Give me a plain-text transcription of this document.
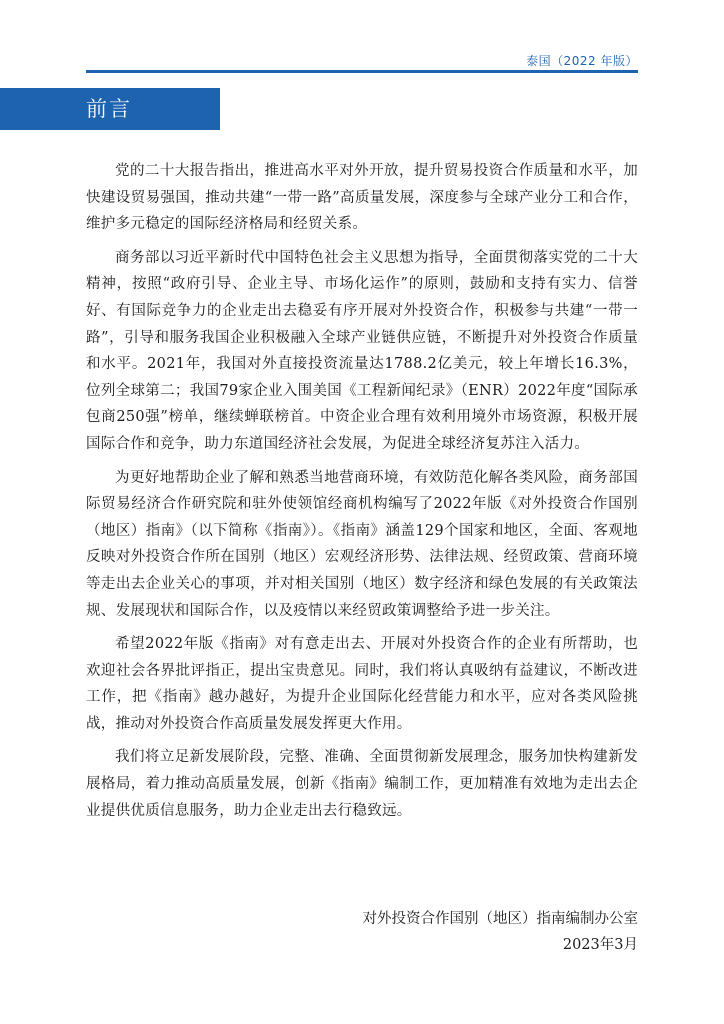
泰国（2022 年版）
前言

党的二十大报告指出，推进高水平对外开放，提升贸易投资合作质量和水平，加快建设贸易强国，推动共建“一带一路”高质量发展，深度参与全球产业分工和合作，维护多元稳定的国际经济格局和经贸关系。

商务部以习近平新时代中国特色社会主义思想为指导，全面贯彻落实党的二十大精神，按照“政府引导、企业主导、市场化运作”的原则，鼓励和支持有实力、信誉好、有国际竞争力的企业走出去稳妥有序开展对外投资合作，积极参与共建“一带一路”，引导和服务我国企业积极融入全球产业链供应链，不断提升对外投资合作质量和水平。2021年，我国对外直接投资流量达1788.2亿美元，较上年增长16.3%，位列全球第二；我国79家企业入围美国《工程新闻纪录》（ENR）2022年度“国际承包商250强”榜单，继续蝉联榜首。中资企业合理有效利用境外市场资源，积极开展国际合作和竞争，助力东道国经济社会发展，为促进全球经济复苏注入活力。

为更好地帮助企业了解和熟悉当地营商环境，有效防范化解各类风险，商务部国际贸易经济合作研究院和驻外使领馆经商机构编写了2022年版《对外投资合作国别（地区）指南》（以下简称《指南》）。《指南》涵盖129个国家和地区，全面、客观地反映对外投资合作所在国别（地区）宏观经济形势、法律法规、经贸政策、营商环境等走出去企业关心的事项，并对相关国别（地区）数字经济和绿色发展的有关政策法规、发展现状和国际合作，以及疫情以来经贸政策调整给予进一步关注。

希望2022年版《指南》对有意走出去、开展对外投资合作的企业有所帮助，也欢迎社会各界批评指正，提出宝贵意见。同时，我们将认真吸纳有益建议，不断改进工作，把《指南》越办越好，为提升企业国际化经营能力和水平，应对各类风险挑战，推动对外投资合作高质量发展发挥更大作用。

我们将立足新发展阶段，完整、准确、全面贯彻新发展理念，服务加快构建新发展格局，着力推动高质量发展，创新《指南》编制工作，更加精准有效地为走出去企业提供优质信息服务，助力企业走出去行稳致远。

对外投资合作国别（地区）指南编制办公室
2023年3月
